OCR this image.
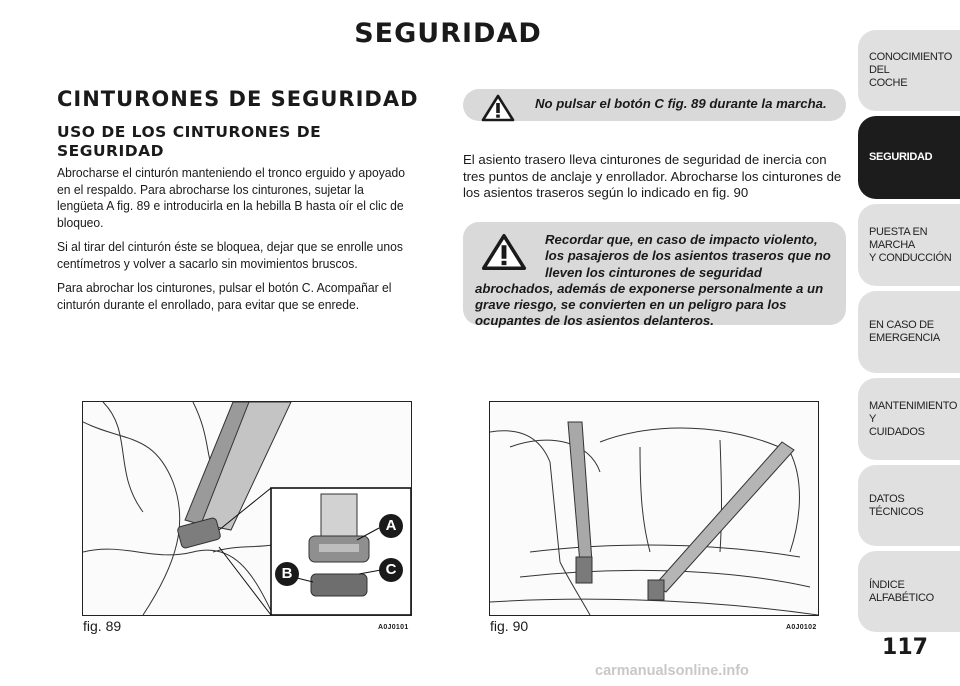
SEGURIDAD
CINTURONES DE SEGURIDAD
USO DE LOS CINTURONES DE SEGURIDAD

Abrocharse el cinturón manteniendo el tronco erguido y apoyado en el respaldo. Para abrocharse los cinturones, sujetar la lengüeta A fig. 89 e introducirla en la hebilla B hasta oír el clic de bloqueo.

Si al tirar del cinturón éste se bloquea, dejar que se enrolle unos centímetros y volver a sacarlo sin movimientos bruscos.

Para abrochar los cinturones, pulsar el botón C. Acompañar el cinturón durante el enrollado, para evitar que se enrede.

No pulsar el botón C fig. 89 durante la marcha.
El asiento trasero lleva cinturones de seguridad de inercia con tres puntos de anclaje y enrollador. Abrocharse los cinturones de los asientos traseros según lo indicado en fig. 90
Recordar que, en caso de impacto violento, los pasajeros de los asientos traseros que no lleven los cinturones de seguridad abrochados, además de exponerse personalmente a un grave riesgo, se convierten en un peligro para los ocupantes de los asientos delanteros.
A
B	C
fig. 89	A0J0101	fig. 90	A0J0102
CONOCIMIENTO DEL
COCHE
SEGURIDAD
PUESTA EN MARCHA
Y CONDUCCIÓN
EN CASO DE
EMERGENCIA
MANTENIMIENTO Y
CUIDADOS
DATOS TÉCNICOS
ÍNDICE ALFABÉTICO
117
carmanualsonline.info
